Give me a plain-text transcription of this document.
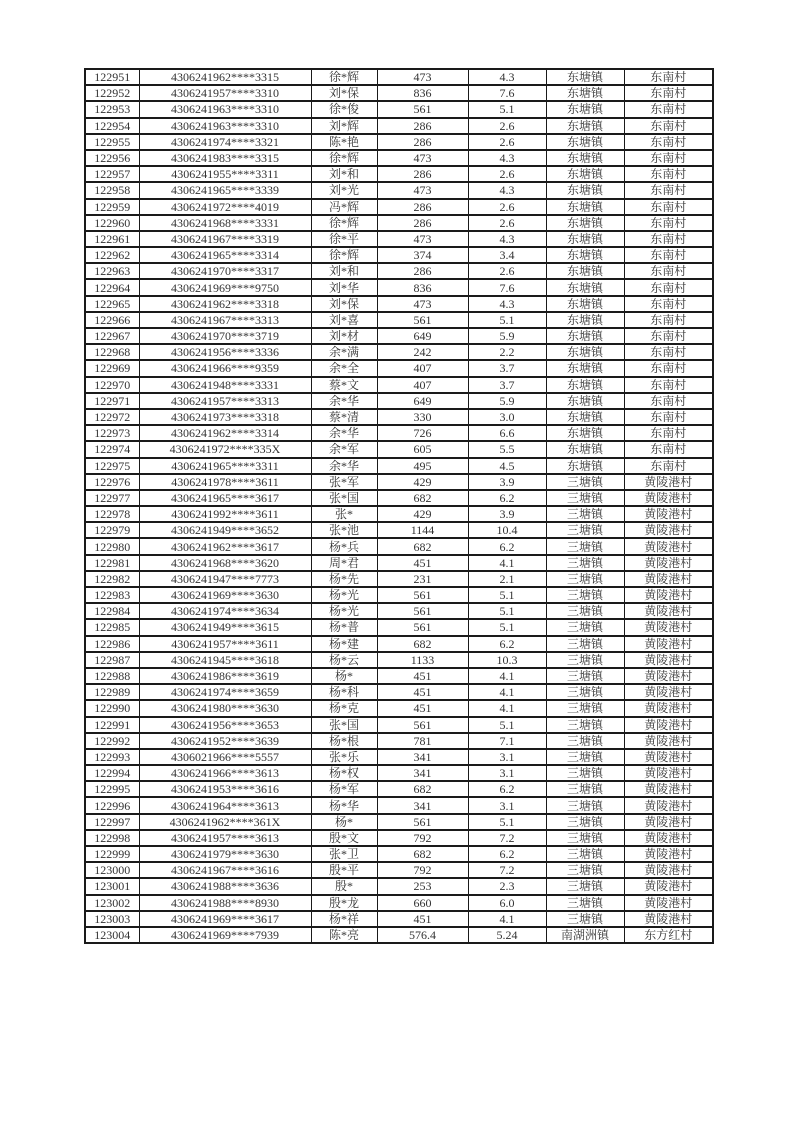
122951	4306241962****3315	徐*辉	473	4.3	东塘镇	东南村
122952	4306241957****3310	刘*保	836	7.6	东塘镇	东南村
122953	4306241963****3310	徐*俊	561	5.1	东塘镇	东南村
122954	4306241963****3310	刘*辉	286	2.6	东塘镇	东南村
122955	4306241974****3321	陈*艳	286	2.6	东塘镇	东南村
122956	4306241983****3315	徐*辉	473	4.3	东塘镇	东南村
122957	4306241955****3311	刘*和	286	2.6	东塘镇	东南村
122958	4306241965****3339	刘*光	473	4.3	东塘镇	东南村
122959	4306241972****4019	冯*辉	286	2.6	东塘镇	东南村
122960	4306241968****3331	徐*辉	286	2.6	东塘镇	东南村
122961	4306241967****3319	徐*平	473	4.3	东塘镇	东南村
122962	4306241965****3314	徐*辉	374	3.4	东塘镇	东南村
122963	4306241970****3317	刘*和	286	2.6	东塘镇	东南村
122964	4306241969****9750	刘*华	836	7.6	东塘镇	东南村
122965	4306241962****3318	刘*保	473	4.3	东塘镇	东南村
122966	4306241967****3313	刘*喜	561	5.1	东塘镇	东南村
122967	4306241970****3719	刘*材	649	5.9	东塘镇	东南村
122968	4306241956****3336	余*满	242	2.2	东塘镇	东南村
122969	4306241966****9359	余*全	407	3.7	东塘镇	东南村
122970	4306241948****3331	蔡*文	407	3.7	东塘镇	东南村
122971	4306241957****3313	余*华	649	5.9	东塘镇	东南村
122972	4306241973****3318	蔡*清	330	3.0	东塘镇	东南村
122973	4306241962****3314	余*华	726	6.6	东塘镇	东南村
122974	4306241972****335X	余*军	605	5.5	东塘镇	东南村
122975	4306241965****3311	余*华	495	4.5	东塘镇	东南村
122976	4306241978****3611	张*军	429	3.9	三塘镇	黄陵港村
122977	4306241965****3617	张*国	682	6.2	三塘镇	黄陵港村
122978	4306241992****3611	张*	429	3.9	三塘镇	黄陵港村
122979	4306241949****3652	张*池	1144	10.4	三塘镇	黄陵港村
122980	4306241962****3617	杨*兵	682	6.2	三塘镇	黄陵港村
122981	4306241968****3620	周*君	451	4.1	三塘镇	黄陵港村
122982	4306241947****7773	杨*先	231	2.1	三塘镇	黄陵港村
122983	4306241969****3630	杨*光	561	5.1	三塘镇	黄陵港村
122984	4306241974****3634	杨*光	561	5.1	三塘镇	黄陵港村
122985	4306241949****3615	杨*普	561	5.1	三塘镇	黄陵港村
122986	4306241957****3611	杨*建	682	6.2	三塘镇	黄陵港村
122987	4306241945****3618	杨*云	1133	10.3	三塘镇	黄陵港村
122988	4306241986****3619	杨*	451	4.1	三塘镇	黄陵港村
122989	4306241974****3659	杨*科	451	4.1	三塘镇	黄陵港村
122990	4306241980****3630	杨*克	451	4.1	三塘镇	黄陵港村
122991	4306241956****3653	张*国	561	5.1	三塘镇	黄陵港村
122992	4306241952****3639	杨*根	781	7.1	三塘镇	黄陵港村
122993	4306021966****5557	张*乐	341	3.1	三塘镇	黄陵港村
122994	4306241966****3613	杨*权	341	3.1	三塘镇	黄陵港村
122995	4306241953****3616	杨*军	682	6.2	三塘镇	黄陵港村
122996	4306241964****3613	杨*华	341	3.1	三塘镇	黄陵港村
122997	4306241962****361X	杨*	561	5.1	三塘镇	黄陵港村
122998	4306241957****3613	殷*文	792	7.2	三塘镇	黄陵港村
122999	4306241979****3630	张*卫	682	6.2	三塘镇	黄陵港村
123000	4306241967****3616	殷*平	792	7.2	三塘镇	黄陵港村
123001	4306241988****3636	殷*	253	2.3	三塘镇	黄陵港村
123002	4306241988****8930	殷*龙	660	6.0	三塘镇	黄陵港村
123003	4306241969****3617	杨*祥	451	4.1	三塘镇	黄陵港村
123004	4306241969****7939	陈*亮	576.4	5.24	南湖洲镇	东方红村
